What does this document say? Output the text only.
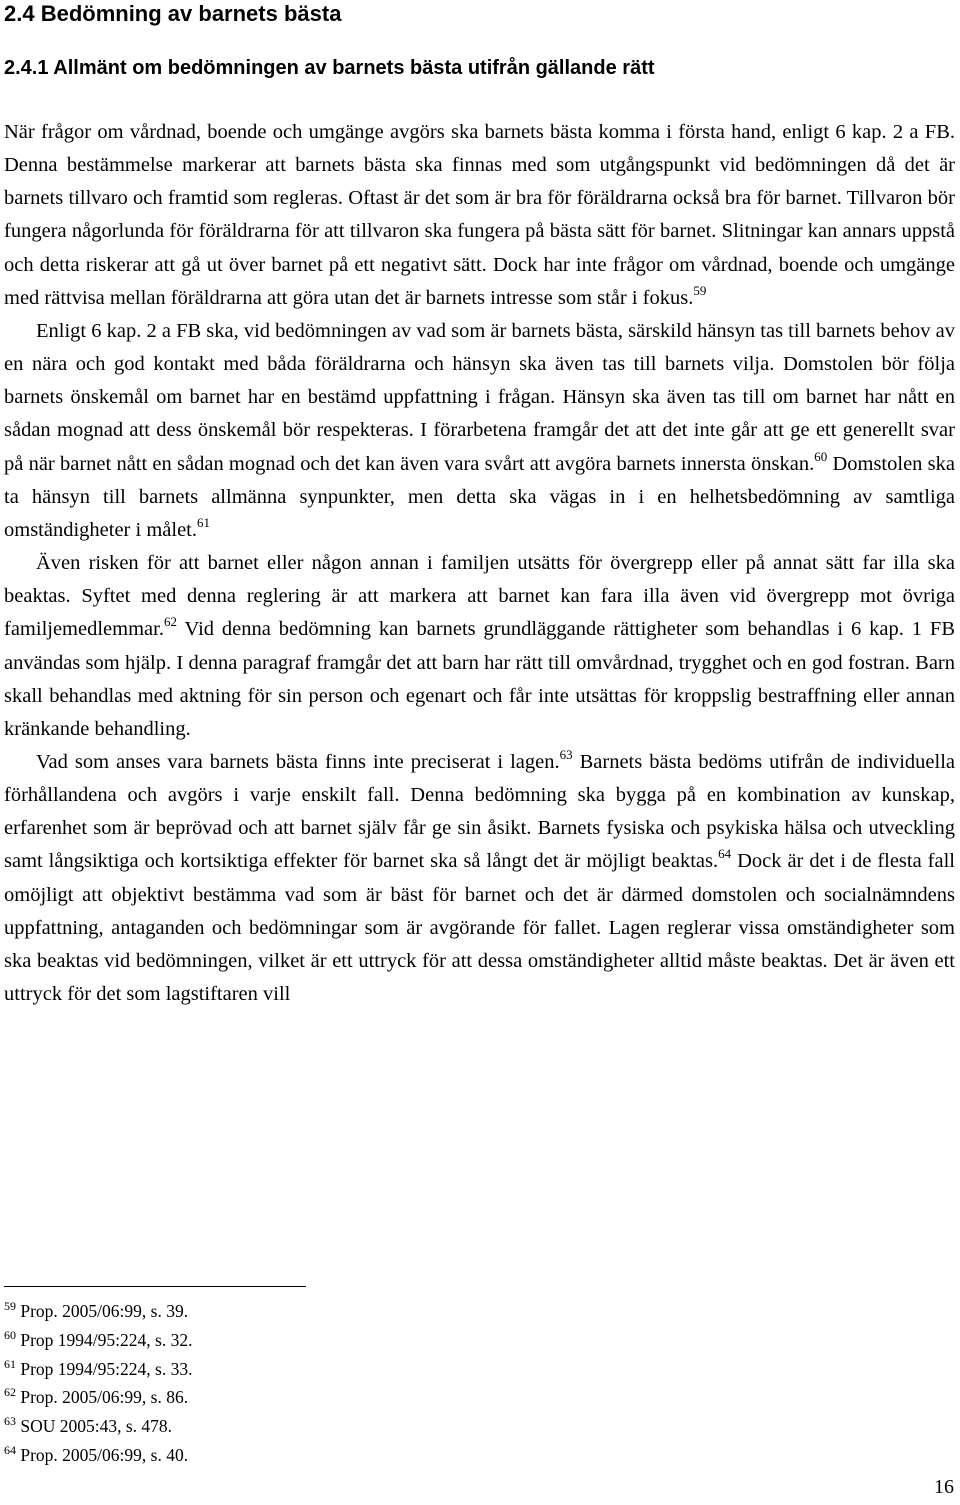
2.4 Bedömning av barnets bästa
2.4.1 Allmänt om bedömningen av barnets bästa utifrån gällande rätt

När frågor om vårdnad, boende och umgänge avgörs ska barnets bästa komma i första hand, enligt 6 kap. 2 a FB. Denna bestämmelse markerar att barnets bästa ska finnas med som utgångspunkt vid bedömningen då det är barnets tillvaro och framtid som regleras. Oftast är det som är bra för föräldrarna också bra för barnet. Tillvaron bör fungera någorlunda för föräldrarna för att tillvaron ska fungera på bästa sätt för barnet. Slitningar kan annars uppstå och detta riskerar att gå ut över barnet på ett negativt sätt. Dock har inte frågor om vårdnad, boende och umgänge med rättvisa mellan föräldrarna att göra utan det är barnets intresse som står i fokus.$^{59}$

Enligt 6 kap. 2 a FB ska, vid bedömningen av vad som är barnets bästa, särskild hänsyn tas till barnets behov av en nära och god kontakt med båda föräldrarna och hänsyn ska även tas till barnets vilja. Domstolen bör följa barnets önskemål om barnet har en bestämd uppfattning i frågan. Hänsyn ska även tas till om barnet har nått en sådan mognad att dess önskemål bör respekteras. I förarbetena framgår det att det inte går att ge ett generellt svar på när barnet nått en sådan mognad och det kan även vara svårt att avgöra barnets innersta önskan.$^{60}$ Domstolen ska ta hänsyn till barnets allmänna synpunkter, men detta ska vägas in i en helhetsbedömning av samtliga omständigheter i målet.$^{61}$

Även risken för att barnet eller någon annan i familjen utsätts för övergrepp eller på annat sätt far illa ska beaktas. Syftet med denna reglering är att markera att barnet kan fara illa även vid övergrepp mot övriga familjemedlemmar.$^{62}$ Vid denna bedömning kan barnets grundläggande rättigheter som behandlas i 6 kap. 1 FB användas som hjälp. I denna paragraf framgår det att barn har rätt till omvårdnad, trygghet och en god fostran. Barn skall behandlas med aktning för sin person och egenart och får inte utsättas för kroppslig bestraffning eller annan kränkande behandling.

Vad som anses vara barnets bästa finns inte preciserat i lagen.$^{63}$ Barnets bästa bedöms utifrån de individuella förhållandena och avgörs i varje enskilt fall. Denna bedömning ska bygga på en kombination av kunskap, erfarenhet som är beprövad och att barnet själv får ge sin åsikt. Barnets fysiska och psykiska hälsa och utveckling samt långsiktiga och kortsiktiga effekter för barnet ska så långt det är möjligt beaktas.$^{64}$ Dock är det i de flesta fall omöjligt att objektivt bestämma vad som är bäst för barnet och det är därmed domstolen och socialnämndens uppfattning, antaganden och bedömningar som är avgörande för fallet. Lagen reglerar vissa omständigheter som ska beaktas vid bedömningen, vilket är ett uttryck för att dessa omständigheter alltid måste beaktas. Det är även ett uttryck för det som lagstiftaren vill

$^{59}$ Prop. 2005/06:99, s. 39.

$^{60}$ Prop 1994/95:224, s. 32.

$^{61}$ Prop 1994/95:224, s. 33.

$^{62}$ Prop. 2005/06:99, s. 86.

$^{63}$ SOU 2005:43, s. 478.

$^{64}$ Prop. 2005/06:99, s. 40.

16
